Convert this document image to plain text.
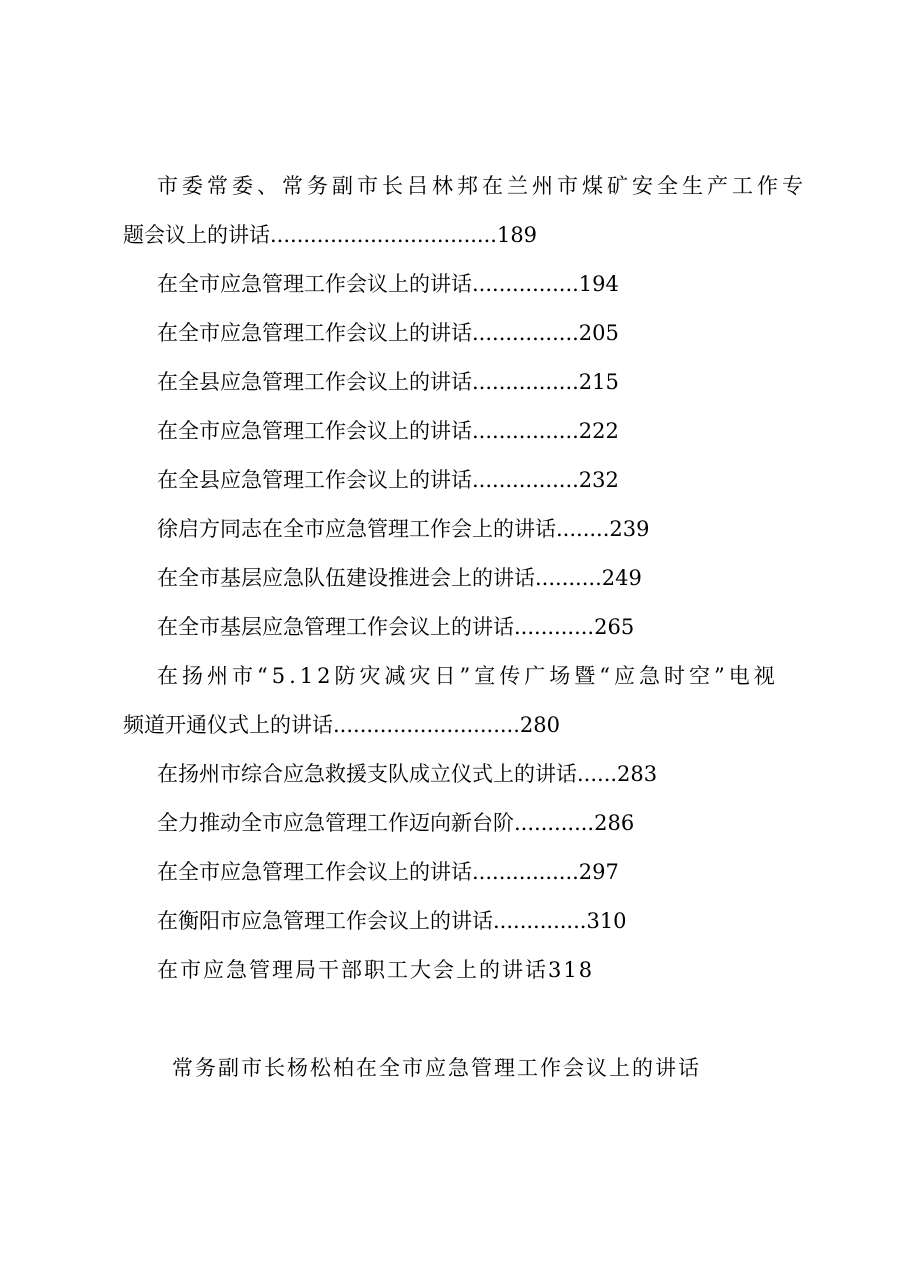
市委常委、常务副市长吕林邦在兰州市煤矿安全生产工作专
题会议上的讲话..................................189
在全市应急管理工作会议上的讲话................194
在全市应急管理工作会议上的讲话................205
在全县应急管理工作会议上的讲话................215
在全市应急管理工作会议上的讲话................222
在全县应急管理工作会议上的讲话................232
徐启方同志在全市应急管理工作会上的讲话........239
在全市基层应急队伍建设推进会上的讲话..........249
在全市基层应急管理工作会议上的讲话............265
在扬州市“5.12防灾减灾日”宣传广场暨“应急时空”电视
频道开通仪式上的讲话............................280
在扬州市综合应急救援支队成立仪式上的讲话......283
全力推动全市应急管理工作迈向新台阶............286
在全市应急管理工作会议上的讲话................297
在衡阳市应急管理工作会议上的讲话..............310
在市应急管理局干部职工大会上的讲话318
常务副市长杨松柏在全市应急管理工作会议上的讲话
